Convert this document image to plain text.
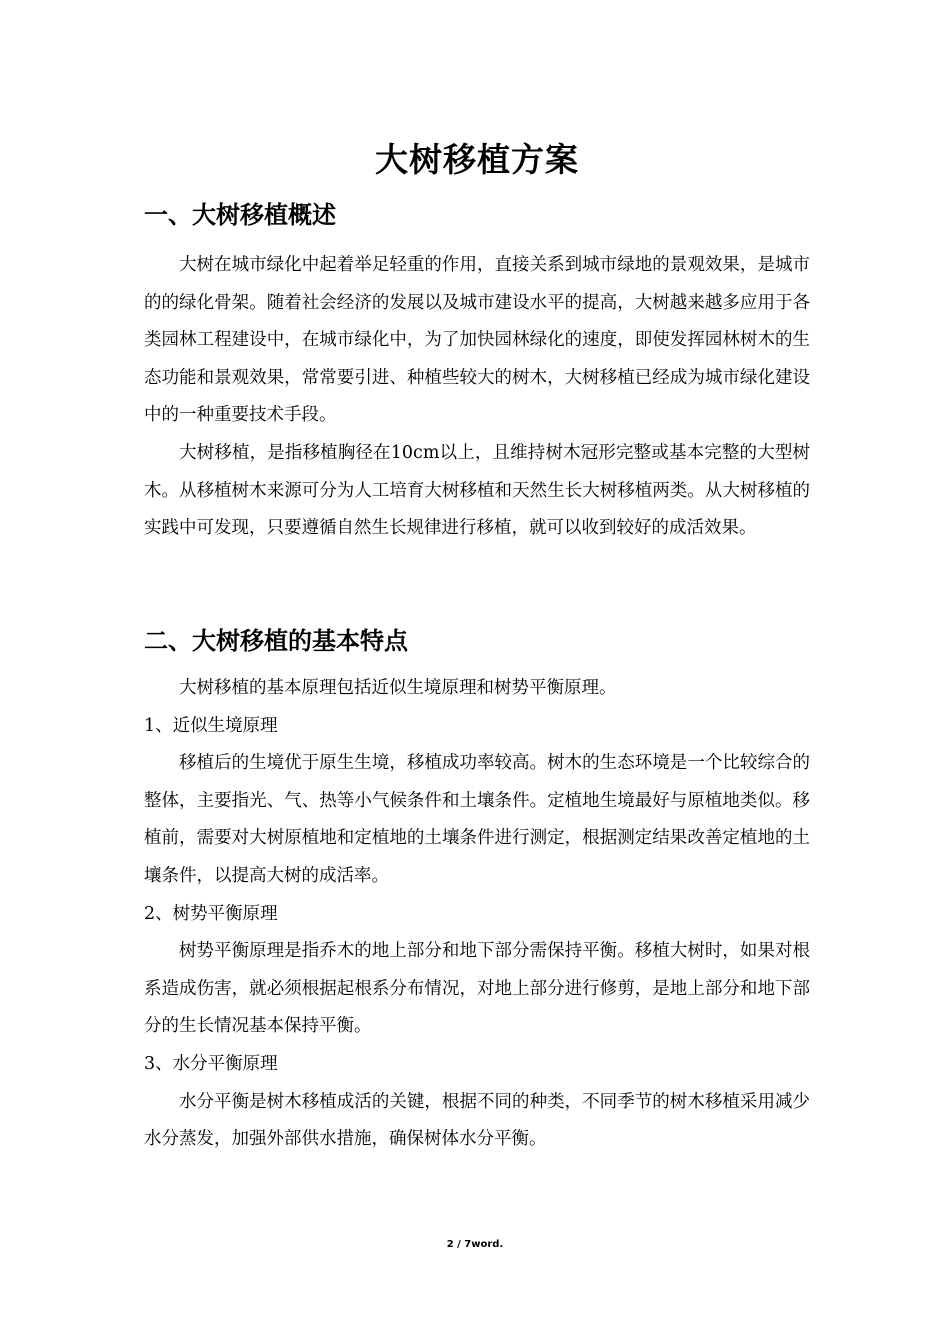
大树移植方案
一、大树移植概述

大树在城市绿化中起着举足轻重的作用，直接关系到城市绿地的景观效果，是城市的的绿化骨架。随着社会经济的发展以及城市建设水平的提高，大树越来越多应用于各类园林工程建设中，在城市绿化中，为了加快园林绿化的速度，即使发挥园林树木的生态功能和景观效果，常常要引进、种植些较大的树木，大树移植已经成为城市绿化建设中的一种重要技术手段。

大树移植，是指移植胸径在10cm以上，且维持树木冠形完整或基本完整的大型树木。从移植树木来源可分为人工培育大树移植和天然生长大树移植两类。从大树移植的实践中可发现，只要遵循自然生长规律进行移植，就可以收到较好的成活效果。

二、大树移植的基本特点

大树移植的基本原理包括近似生境原理和树势平衡原理。

1、近似生境原理

移植后的生境优于原生生境，移植成功率较高。树木的生态环境是一个比较综合的整体，主要指光、气、热等小气候条件和土壤条件。定植地生境最好与原植地类似。移植前，需要对大树原植地和定植地的土壤条件进行测定，根据测定结果改善定植地的土壤条件，以提高大树的成活率。

2、树势平衡原理

树势平衡原理是指乔木的地上部分和地下部分需保持平衡。移植大树时，如果对根系造成伤害，就必须根据起根系分布情况，对地上部分进行修剪，是地上部分和地下部分的生长情况基本保持平衡。

3、水分平衡原理

水分平衡是树木移植成活的关键，根据不同的种类，不同季节的树木移植采用减少水分蒸发，加强外部供水措施，确保树体水分平衡。

2 / 7word.
